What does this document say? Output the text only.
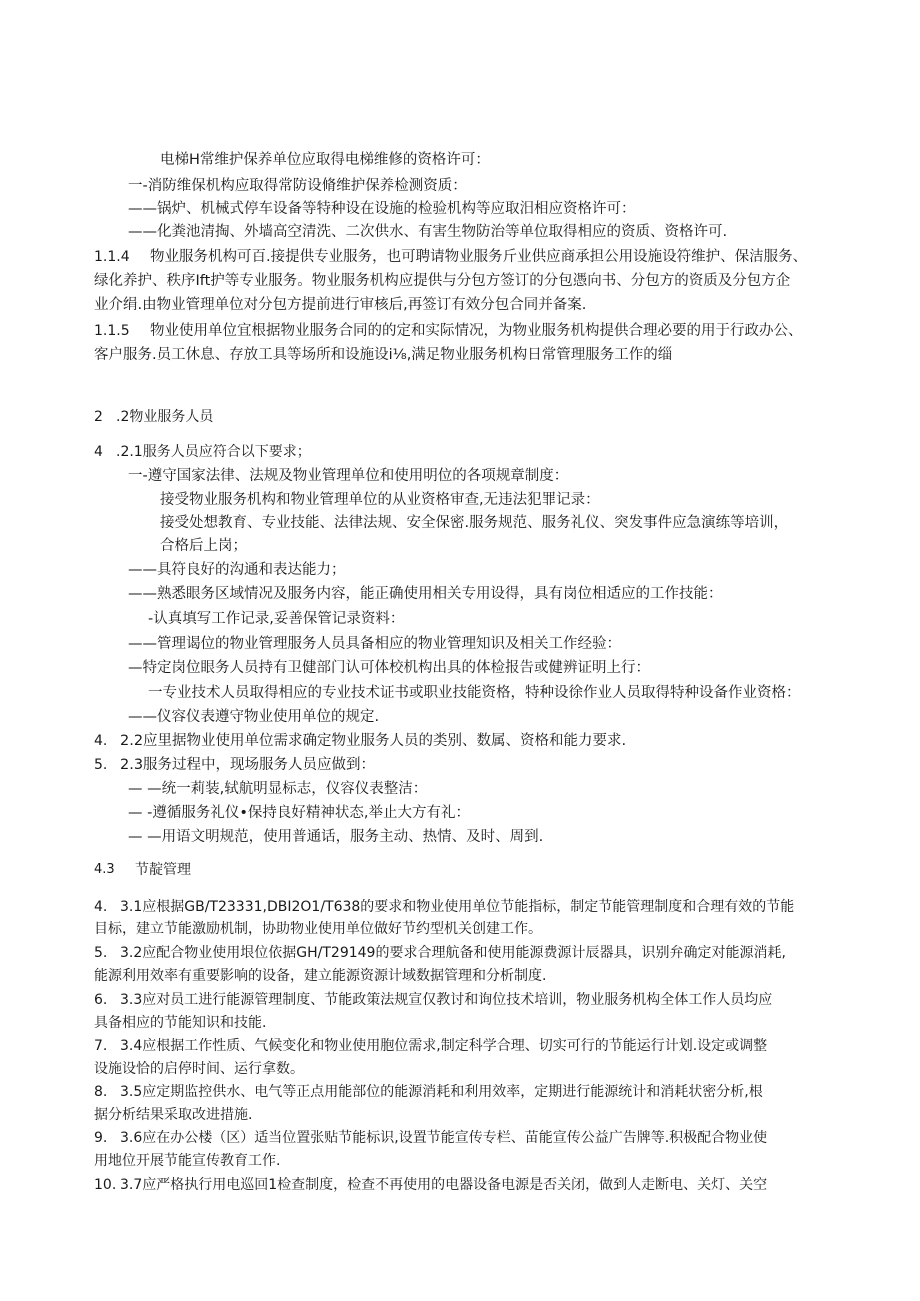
电梯H常维护保养单位应取得电梯维修的资格许可：
一-消防维保机构应取得常防设脩维护保养检测资质：
——锅炉、机械式停车设备等特种设在设施的检验机构等应取汨相应资格许可：
——化粪池清掏、外墙高空清洗、二次供水、有害生物防治等单位取得相应的资质、资格许可.
1.1.4 物业服务机构可百.接提供专业服务，也可聘请物业服务斤业供应商承担公用设施设符维护、保洁服务、
绿化养护、秩序Ift护等专业服务。物业服务机构应提供与分包方签订的分包憑向书、分包方的资质及分包方企
业介绢.由物业管理单位对分包方提前进行审核后,再签订有效分包合同并备案.
1.1.5 物业使用单位宜根据物业服务合同的的定和实际情况，为物业服务机构提供合理必要的用于行政办公、
客户服务.员工休息、存放工具等场所和设施设i⅛,满足物业服务机构日常管理服务工作的缁
2 .2物业服务人员
4 .2.1服务人员应符合以下要求；
一-遵守国家法律、法规及物业管理单位和使用明位的各项规章制度：
接受物业服务机构和物业管理单位的从业资格审查,无违法犯罪记录：
接受处想教育、专业技能、法律法规、安全保密.服务规范、服务礼仪、突发事件应急演练等培训，
合格后上岗；
——具符良好的沟通和表达能力；
——熟悉眼务区域情况及服务内容，能正确使用相关专用设得，具有岗位相适应的工作技能：
-认真填写工作记录,妥善保管记录资料：
——管理谒位的物业管理服务人员具备相应的物业管理知识及相关工作经验：
—特定岗位眼务人员持有卫健部门认可体校机构出具的体检报告或健辨证明上行：
一专业技术人员取得相应的专业技术证书或职业技能资格，特种设徐作业人员取得特种设备作业资格：
——仪容仪表遵守物业使用单位的规定.
4. 2.2应里据物业使用单位需求确定物业服务人员的类别、数属、资格和能力要求.
5. 2.3服务过程中，现场服务人员应做到：
— —统一莉装,轼航明显标志，仪容仪表整洁：
— -遵循服务礼仪•保持良好精神状态,举止大方有礼：
— —用语文明规范，使用普通话，服务主动、热情、及时、周到.
4.3 节靛管理
4. 3.1应根据GB/T23331,DBI2O1/T638的要求和物业使用单位节能指标，制定节能管理制度和合理有效的节能
目标，建立节能激励机制，协助物业使用单位做好节约型机关创建工作。
5. 3.2应配合物业使用垠位依据GH/T29149的要求合理航备和使用能源费源计辰器具，识别弁确定对能源消耗,
能源利用效率有重要影响的设备，建立能源资源计域数据管理和分析制度.
6. 3.3应对员工进行能源管理制度、节能政策法规宣仅教讨和询位技术培训，物业服务机构全体工作人员均应
具备相应的节能知识和技能.
7. 3.4应根据工作性质、气候变化和物业使用胞位需求,制定科学合理、切实可行的节能运行计划.设定或调整
设施设恰的启停时间、运行拿数。
8. 3.5应定期监控供水、电气等正点用能部位的能源消耗和利用效率，定期进行能源统计和消耗状密分析,根
据分析结果采取改进措施.
9. 3.6应在办公楼（区）适当位置张贴节能标识,设置节能宣传专栏、苗能宣传公益广告牌等.积极配合物业使
用地位开展节能宣传教育工作.
10. 3.7应严格执行用电巡回1检查制度，检查不再使用的电器设备电源是否关闭，做到人走断电、关灯、关空
